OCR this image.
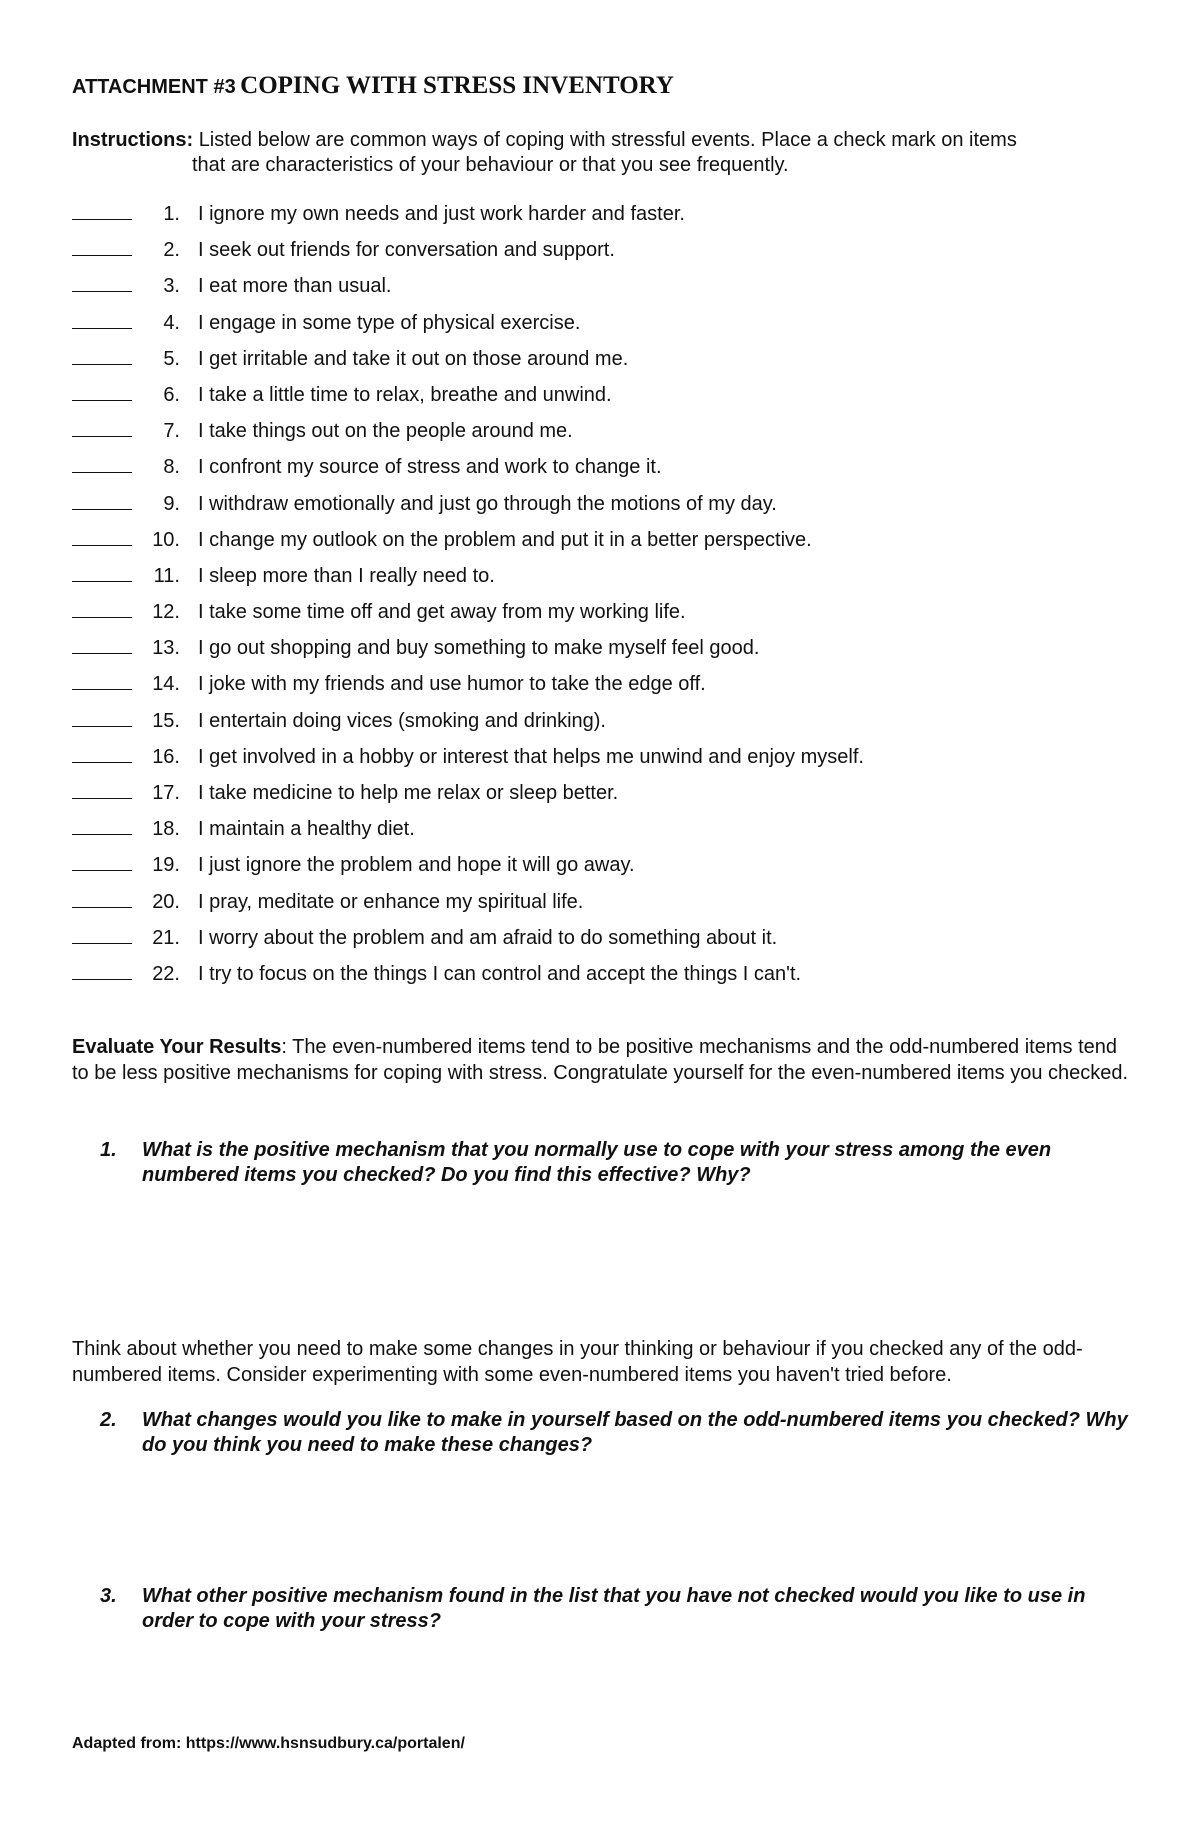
ATTACHMENT #3 COPING WITH STRESS INVENTORY
Instructions: Listed below are common ways of coping with stressful events. Place a check mark on items
that are characteristics of your behaviour or that you see frequently.
1. I ignore my own needs and just work harder and faster.
2. I seek out friends for conversation and support.
3. I eat more than usual.
4. I engage in some type of physical exercise.
5. I get irritable and take it out on those around me.
6. I take a little time to relax, breathe and unwind.
7. I take things out on the people around me.
8. I confront my source of stress and work to change it.
9. I withdraw emotionally and just go through the motions of my day.
10. I change my outlook on the problem and put it in a better perspective.
11. I sleep more than I really need to.
12. I take some time off and get away from my working life.
13. I go out shopping and buy something to make myself feel good.
14. I joke with my friends and use humor to take the edge off.
15. I entertain doing vices (smoking and drinking).
16. I get involved in a hobby or interest that helps me unwind and enjoy myself.
17. I take medicine to help me relax or sleep better.
18. I maintain a healthy diet.
19. I just ignore the problem and hope it will go away.
20. I pray, meditate or enhance my spiritual life.
21. I worry about the problem and am afraid to do something about it.
22. I try to focus on the things I can control and accept the things I can't.
Evaluate Your Results: The even-numbered items tend to be positive mechanisms and the odd-numbered items tend to be less positive mechanisms for coping with stress. Congratulate yourself for the even-numbered items you checked.
1.	What is the positive mechanism that you normally use to cope with your stress among the even numbered items you checked? Do you find this effective? Why?
Think about whether you need to make some changes in your thinking or behaviour if you checked any of the odd-numbered items. Consider experimenting with some even-numbered items you haven't tried before.
2.	What changes would you like to make in yourself based on the odd-numbered items you checked? Why do you think you need to make these changes?
3.	What other positive mechanism found in the list that you have not checked would you like to use in order to cope with your stress?
Adapted from: https://www.hsnsudbury.ca/portalen/
